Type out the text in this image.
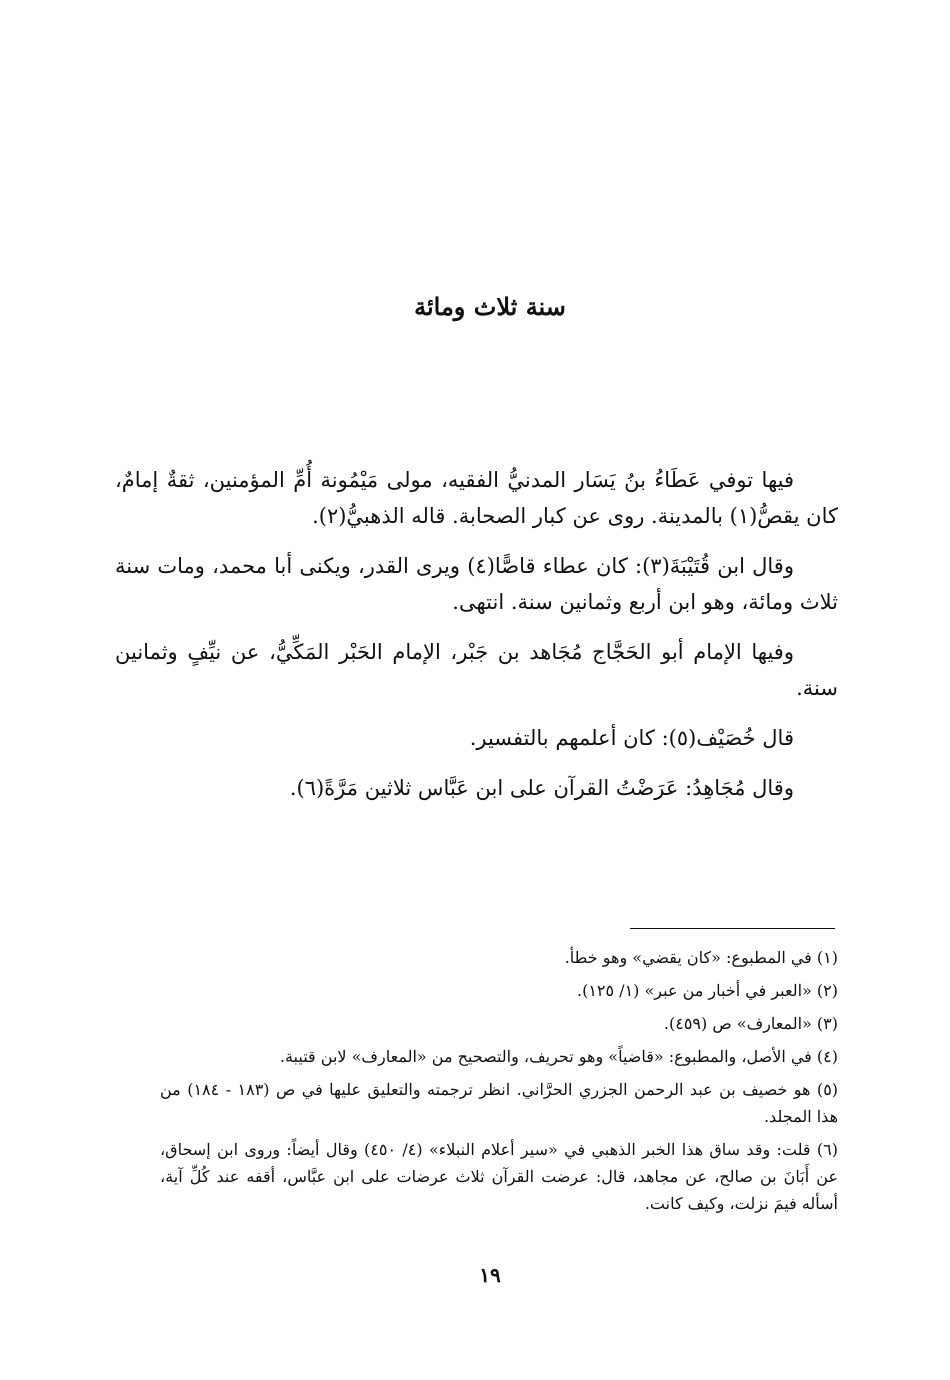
سنة ثلاث ومائة

فيها توفي عَطَاءُ بنُ يَسَار المدنيُّ الفقيه، مولى مَيْمُونة أُمِّ المؤمنين، ثقةٌ إمامٌ، كان يقصُّ(١) بالمدينة. روى عن كبار الصحابة. قاله الذهبيُّ(٢).

وقال ابن قُتَيْبَةَ(٣): كان عطاء قاصًّا(٤) ويرى القدر، ويكنى أبا محمد، ومات سنة ثلاث ومائة، وهو ابن أربع وثمانين سنة. انتهى.

وفيها الإمام أبو الحَجَّاج مُجَاهد بن جَبْر، الإمام الحَبْر المَكِّيُّ، عن نيِّفٍ وثمانين سنة.

قال خُصَيْف(٥): كان أعلمهم بالتفسير.

وقال مُجَاهِدُ: عَرَضْتُ القرآن على ابن عَبَّاس ثلاثين مَرَّةً(٦).

(١) في المطبوع: «كان يقضي» وهو خطأ.

(٢) «العبر في أخبار من عبر» (١/ ١٢٥).

(٣) «المعارف» ص (٤٥٩).

(٤) في الأصل، والمطبوع: «قاضياً» وهو تحريف، والتصحيح من «المعارف» لابن قتيبة.

(٥) هو خصيف بن عبد الرحمن الجزري الحرَّاني. انظر ترجمته والتعليق عليها في ص (١٨٣ - ١٨٤) من هذا المجلد.

(٦) قلت: وقد ساق هذا الخبر الذهبي في «سير أعلام النبلاء» (٤/ ٤٥٠) وقال أيضاً: وروى ابن إسحاق، عن أَبَانَ بن صالح، عن مجاهد، قال: عرضت القرآن ثلاث عرضات على ابن عبَّاس، أقفه عند كُلِّ آية، أسأله فيمَ نزلت، وكيف كانت.

١٩
